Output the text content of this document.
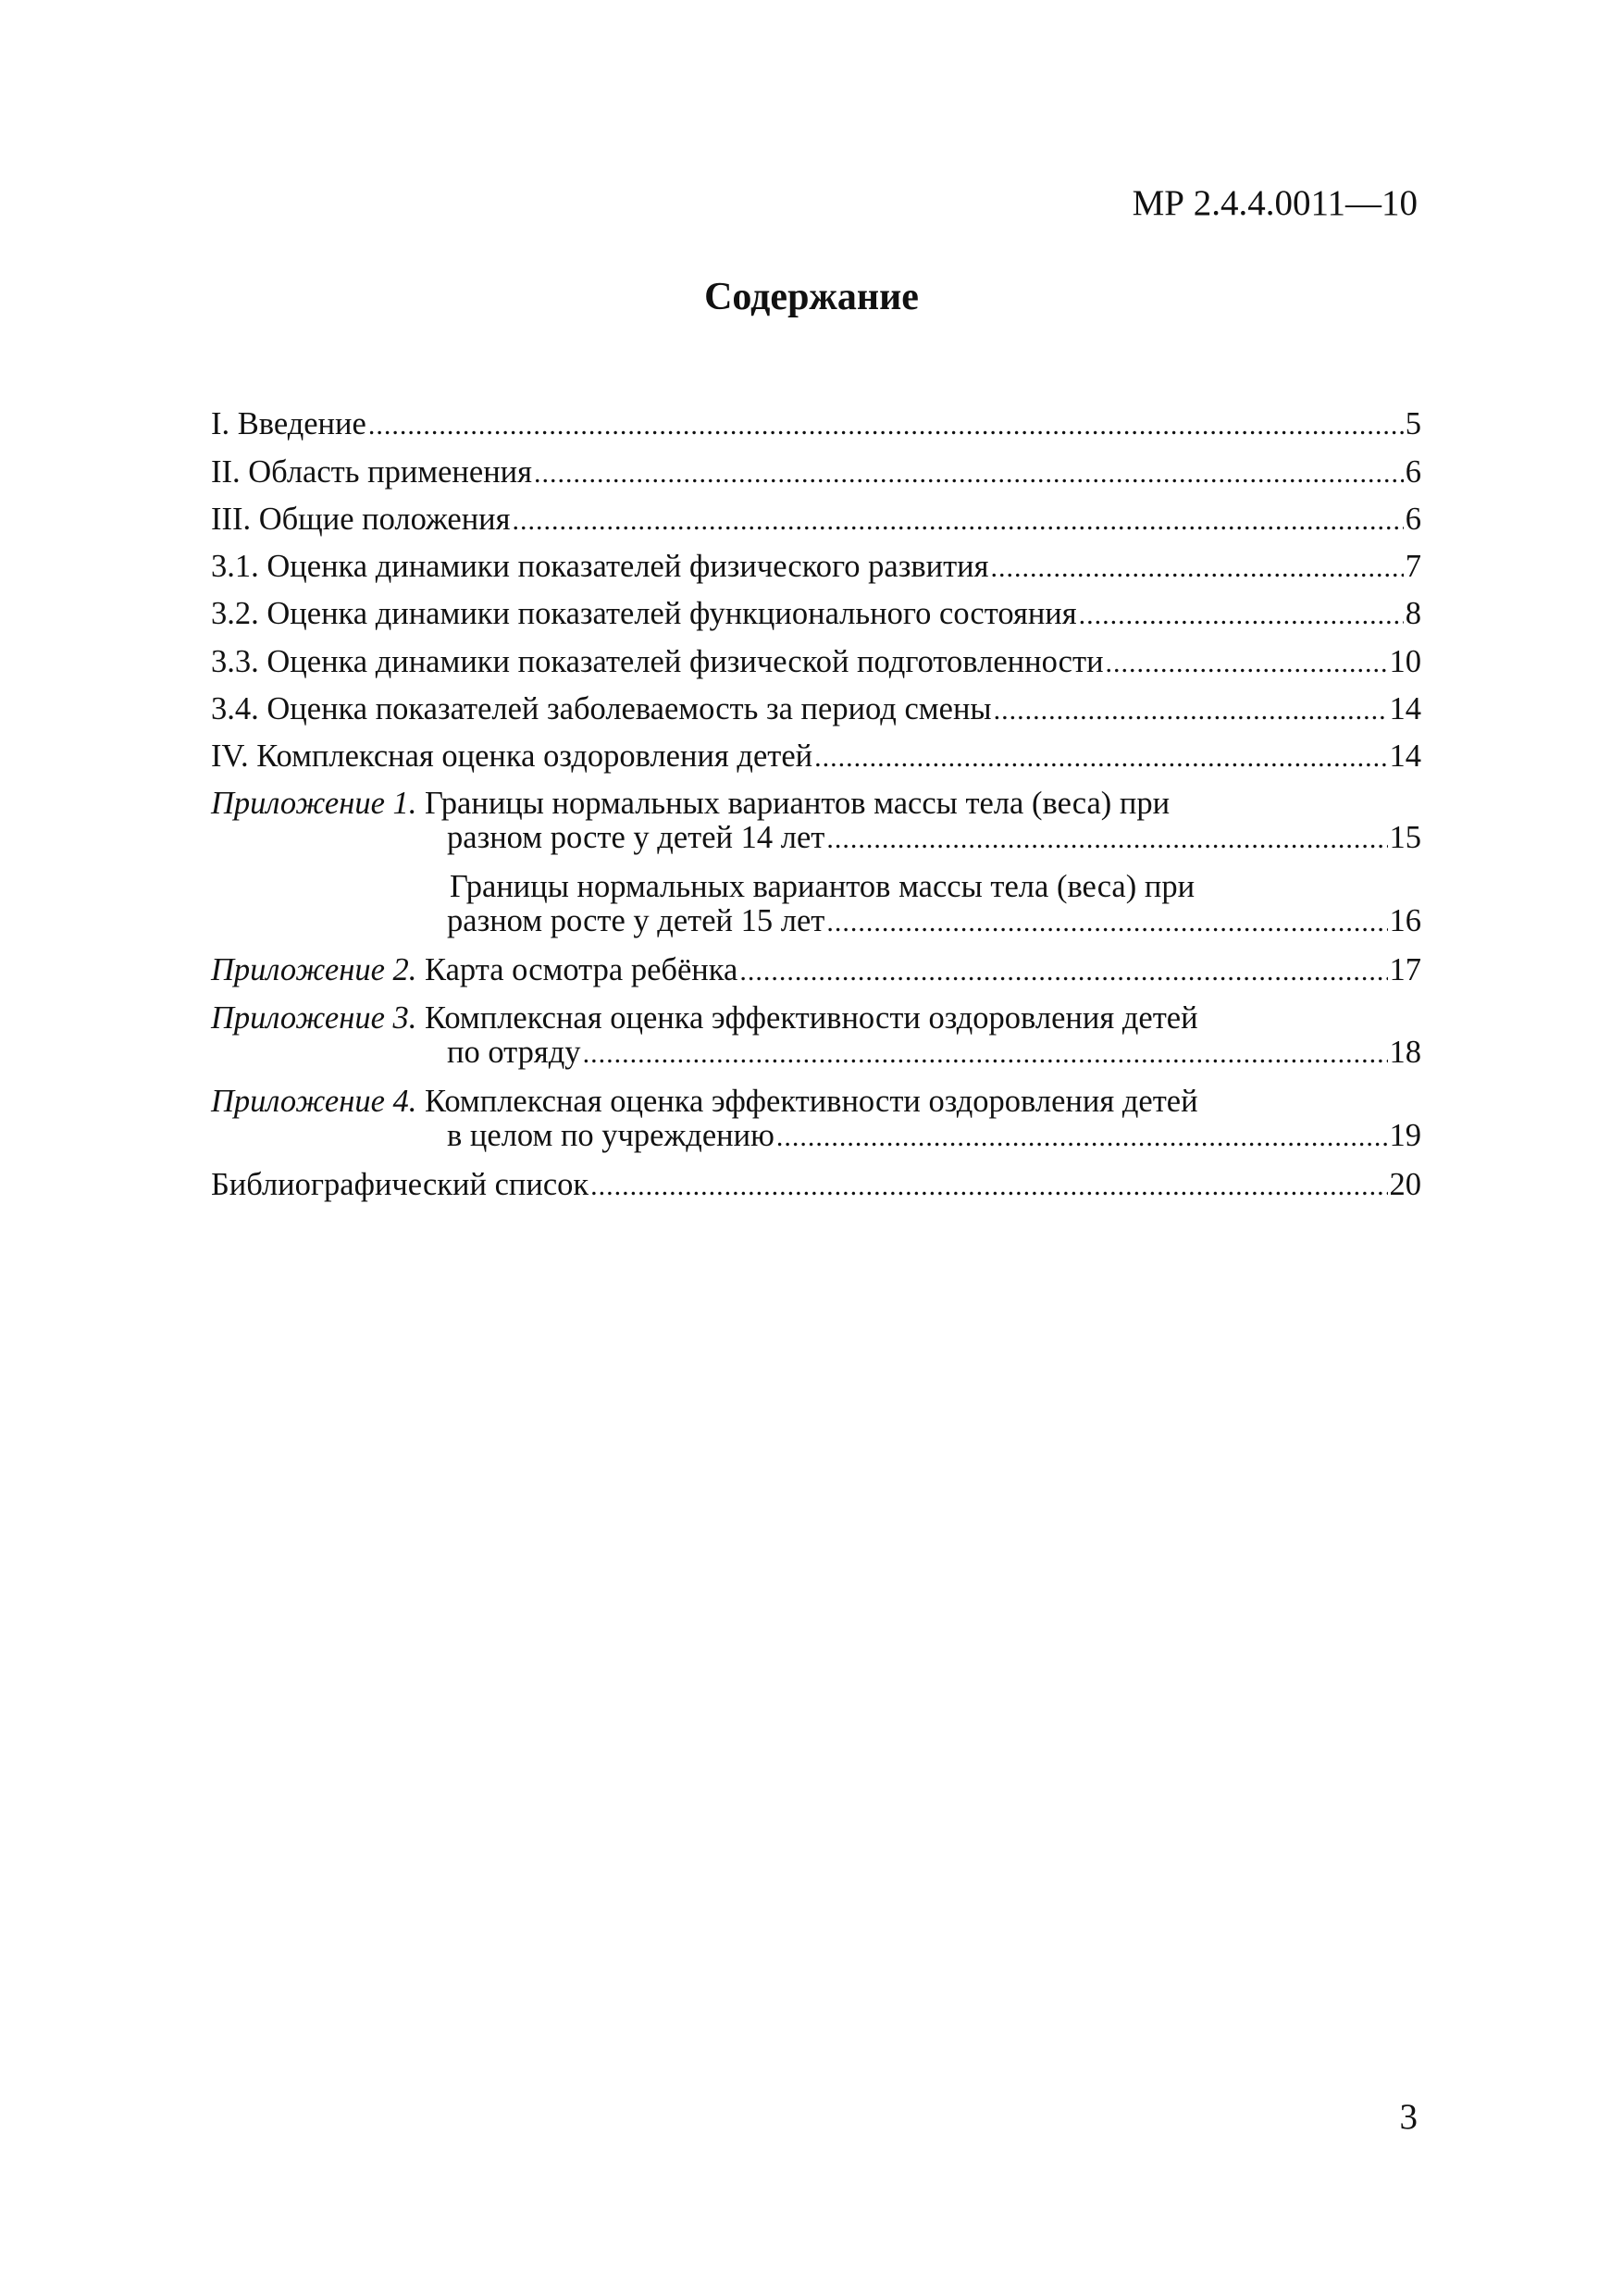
МР 2.4.4.0011—10
Содержание
I. Введение .....	5
II. Область применения .....	6
III. Общие положения .....	6
3.1. Оценка динамики показателей физического развития .....	7
3.2. Оценка динамики показателей функционального состояния .....	8
3.3. Оценка динамики показателей физической подготовленности .....	10
3.4. Оценка показателей заболеваемость за период смены .....	14
IV. Комплексная оценка оздоровления детей .....	14
Приложение 1. Границы нормальных вариантов массы тела (веса) при
разном росте у детей 14 лет .....	15
Границы нормальных вариантов массы тела (веса) при
разном росте у детей 15 лет .....	16
Приложение 2. Карта осмотра ребёнка .....	17
Приложение 3. Комплексная оценка эффективности оздоровления детей
по отряду .....	18
Приложение 4. Комплексная оценка эффективности оздоровления детей
в целом по учреждению .....	19
Библиографический список .....	20
3
